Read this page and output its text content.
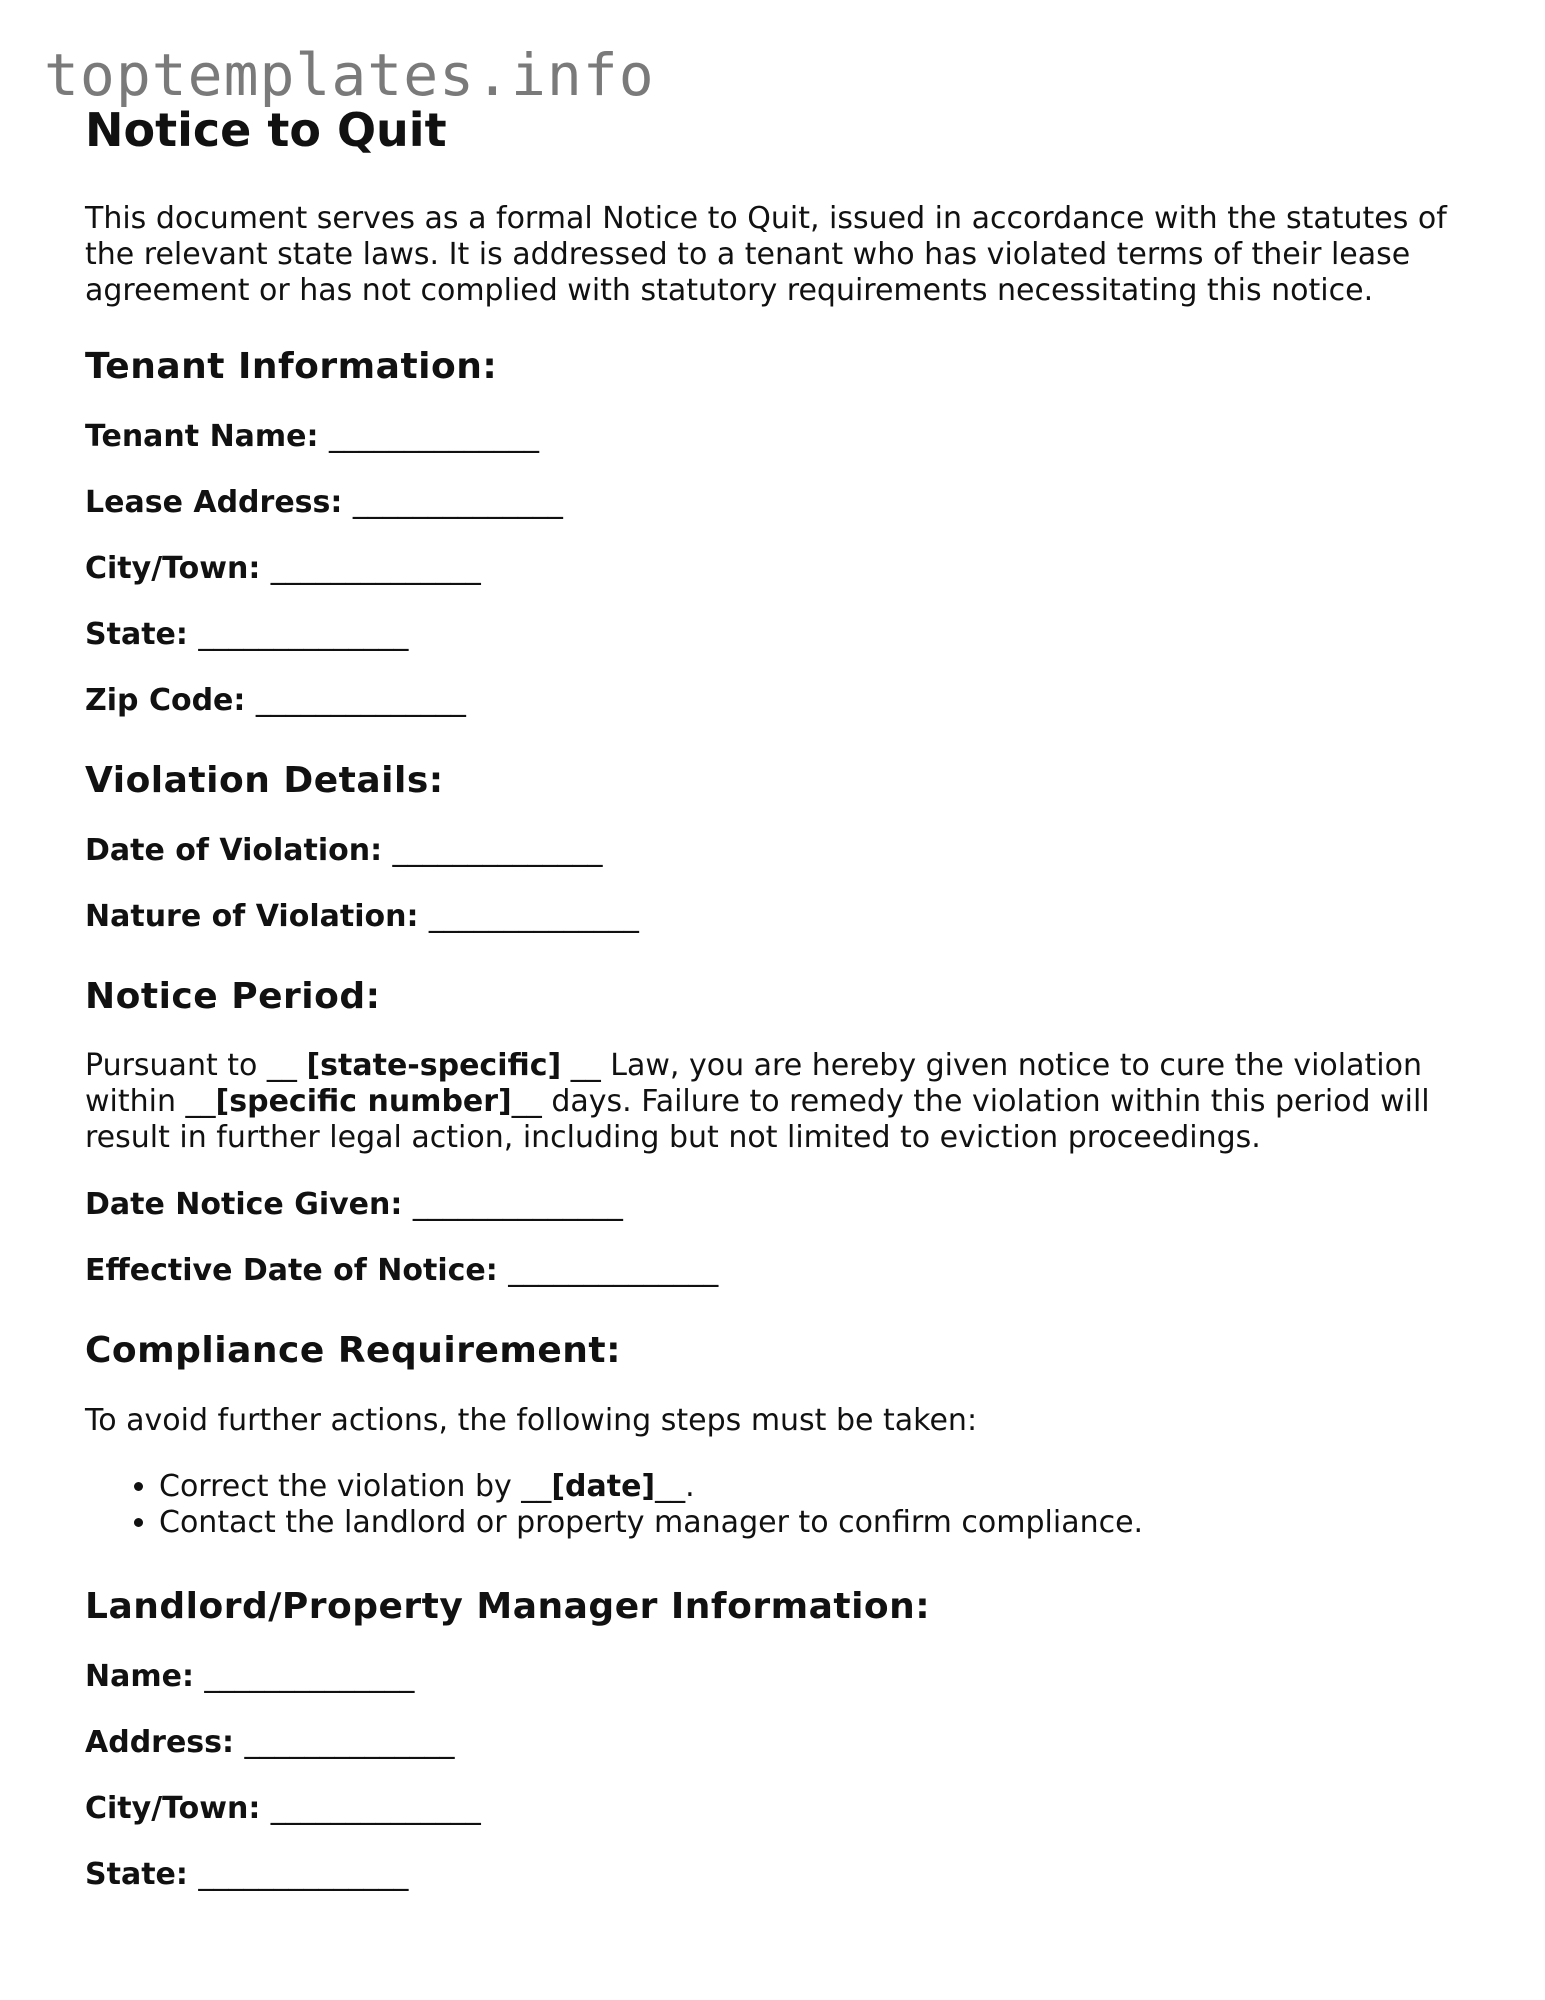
toptemplates.info
Notice to Quit

This document serves as a formal Notice to Quit, issued in accordance with the statutes of the relevant state laws. It is addressed to a tenant who has violated terms of their lease agreement or has not complied with statutory requirements necessitating this notice.

Tenant Information:
Tenant Name: ______________
Lease Address: ______________
City/Town: ______________
State: ______________
Zip Code: ______________
Violation Details:
Date of Violation: ______________
Nature of Violation: ______________
Notice Period:

Pursuant to __ [state-specific] __ Law, you are hereby given notice to cure the violation within __[specific number]__ days. Failure to remedy the violation within this period will result in further legal action, including but not limited to eviction proceedings.

Date Notice Given: ______________
Effective Date of Notice: ______________
Compliance Requirement:

To avoid further actions, the following steps must be taken:

• Correct the violation by __[date]__.
• Contact the landlord or property manager to confirm compliance.
Landlord/Property Manager Information:
Name: ______________
Address: ______________
City/Town: ______________
State: ______________
